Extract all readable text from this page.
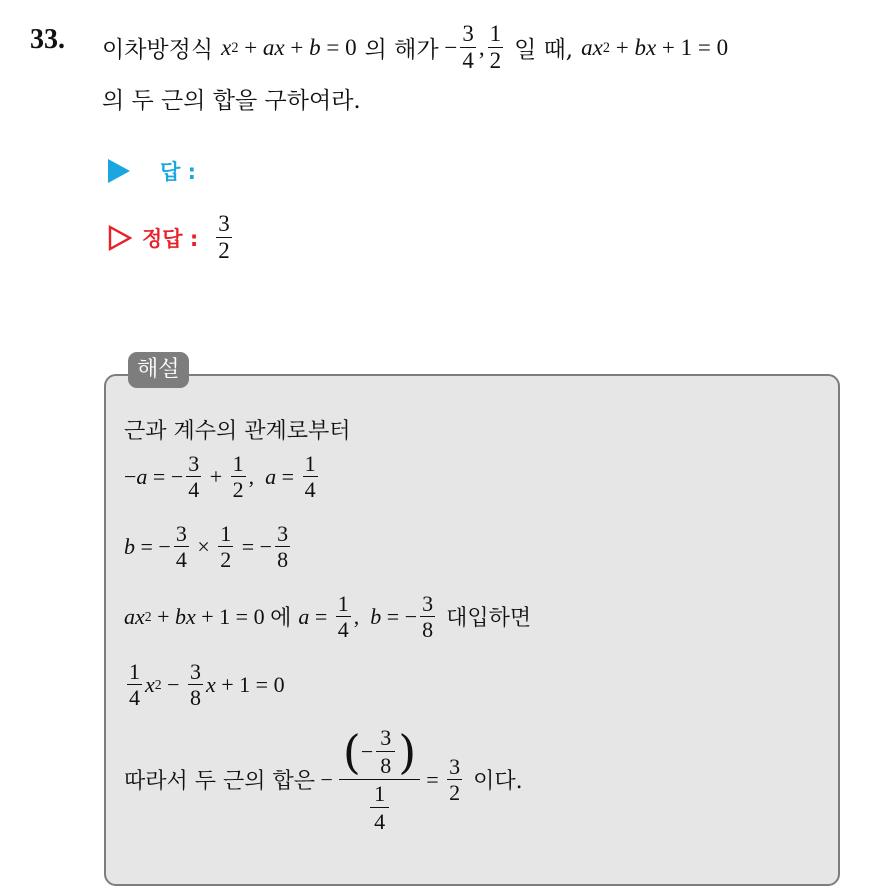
33. 이차방정식 x 2 + ax + b = 0 의 해가 − $\frac{3}{4}$ , $\frac{1}{2}$ 일 때, ax 2 + bx + 1 = 0
의 두 근의 합을 구하여라.
답 :
정답 : $\frac{3}{2}$
해설
근과 계수의 관계로부터
− a = − $\frac{3}{4} + \frac{1}{2}$ , $a = \frac{1}{4}$
b = − $\frac{3}{4} \times \frac{1}{2}$ = − $\frac{3}{8}$
ax 2 + bx + 1 = 0 에
$a = \frac{1}{4}$ , b = − $\frac{3}{8}$ 대입하면
$\frac{1}{4}$ x $2 - \frac{3}{8}$ x + 1 = 0
따라서 두 근의 합은 − $\frac{( - \frac{3}{8} )}{\frac{1}{4}} = \frac{3}{2}$ 이다.
